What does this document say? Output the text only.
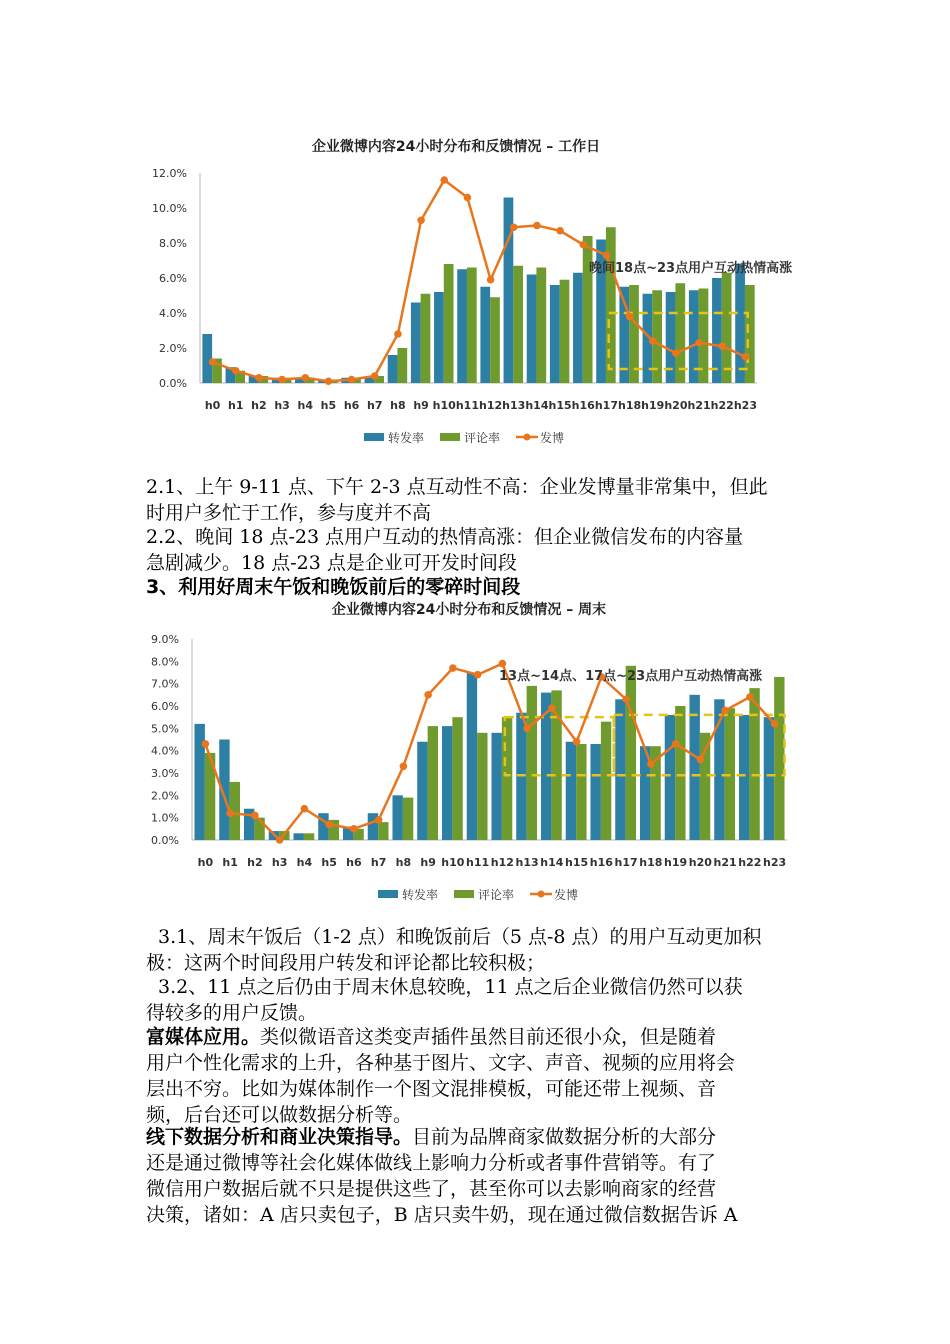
企业微博内容24小时分布和反馈情况 – 工作日
0.0%
2.0%
4.0%
6.0%
8.0%
10.0%
12.0%
h0 h1 h2 h3 h4 h5 h6 h7 h8 h9 h10 h11 h12 h13 h14 h15 h16 h17 h18 h19 h20 h21 h22 h23
晚间18点~23点用户互动热情高涨
转发率	评论率	发博
2.1、上午 9-11 点、下午 2-3 点互动性不高：企业发博量非常集中，但此
时用户多忙于工作，参与度并不高
2.2、晚间 18 点-23 点用户互动的热情高涨：但企业微信发布的内容量
急剧减少。18 点-23 点是企业可开发时间段
3、利用好周末午饭和晚饭前后的零碎时间段
企业微博内容24小时分布和反馈情况 – 周末
0.0%
1.0%
2.0%
3.0%
4.0%
5.0%
6.0%
7.0%
8.0%
9.0%
h0 h1 h2 h3 h4 h5 h6 h7 h8 h9 h10 h11 h12 h13 h14 h15 h16 h17 h18 h19 h20 h21 h22 h23
13点~14点、17点~23点用户互动热情高涨
转发率	评论率	发博
3.1、周末午饭后（1-2 点）和晚饭前后（5 点-8 点）的用户互动更加积
极：这两个时间段用户转发和评论都比较积极；
3.2、11 点之后仍由于周末休息较晚，11 点之后企业微信仍然可以获
得较多的用户反馈。
富媒体应用。类似微语音这类变声插件虽然目前还很小众，但是随着
用户个性化需求的上升，各种基于图片、文字、声音、视频的应用将会
层出不穷。比如为媒体制作一个图文混排模板，可能还带上视频、音
频，后台还可以做数据分析等。
线下数据分析和商业决策指导。目前为品牌商家做数据分析的大部分
还是通过微博等社会化媒体做线上影响力分析或者事件营销等。有了
微信用户数据后就不只是提供这些了，甚至你可以去影响商家的经营
决策，诸如：A 店只卖包子，B 店只卖牛奶，现在通过微信数据告诉 A
